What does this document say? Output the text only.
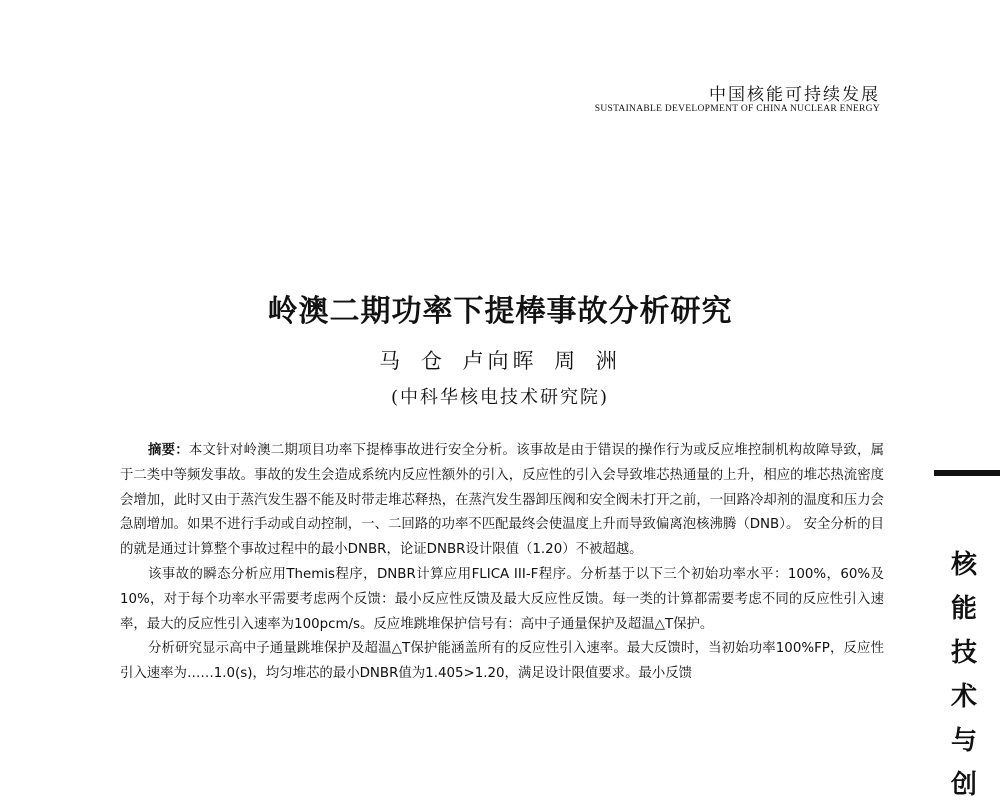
中国核能可持续发展
SUSTAINABLE DEVELOPMENT OF CHINA NUCLEAR ENERGY
岭澳二期功率下提棒事故分析研究
马 仓 卢向晖 周 洲
(中科华核电技术研究院)

摘要：本文针对岭澳二期项目功率下提棒事故进行安全分析。该事故是由于错误的操作行为或反应堆控制机构故障导致，属于二类中等频发事故。事故的发生会造成系统内反应性额外的引入，反应性的引入会导致堆芯热通量的上升，相应的堆芯热流密度会增加，此时又由于蒸汽发生器不能及时带走堆芯释热，在蒸汽发生器卸压阀和安全阀未打开之前，一回路冷却剂的温度和压力会急剧增加。如果不进行手动或自动控制，一、二回路的功率不匹配最终会使温度上升而导致偏离泡核沸腾（DNB）。 安全分析的目的就是通过计算整个事故过程中的最小DNBR，论证DNBR设计限值（1.20）不被超越。

该事故的瞬态分析应用Themis程序，DNBR计算应用FLICA III-F程序。分析基于以下三个初始功率水平：100%，60%及10%，对于每个功率水平需要考虑两个反馈：最小反应性反馈及最大反应性反馈。每一类的计算都需要考虑不同的反应性引入速率，最大的反应性引入速率为100pcm/s。反应堆跳堆保护信号有：高中子通量保护及超温△T保护。

分析研究显示高中子通量跳堆保护及超温△T保护能涵盖所有的反应性引入速率。最大反馈时，当初始功率100%FP，反应性引入速率为……1.0(s)，均匀堆芯的最小DNBR值为1.405>1.20，满足设计限值要求。最小反馈

核
能
技
术
与
创
